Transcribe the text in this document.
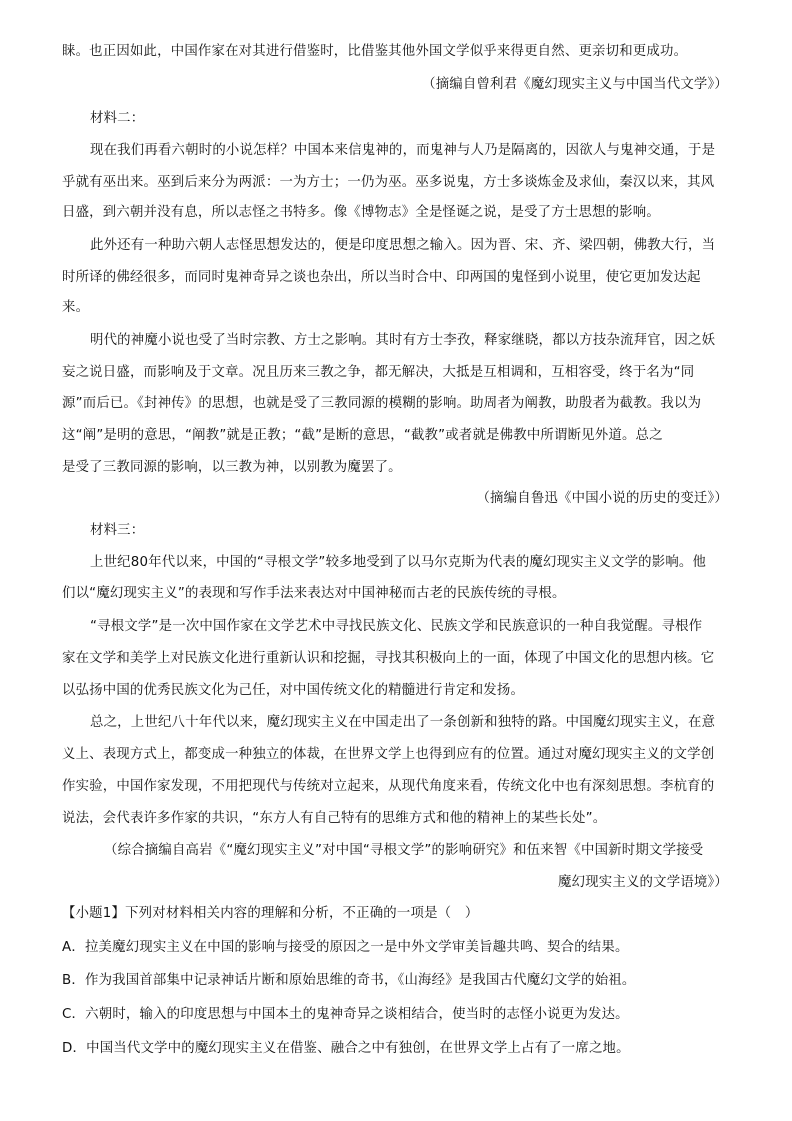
睐。也正因如此，中国作家在对其进行借鉴时，比借鉴其他外国文学似乎来得更自然、更亲切和更成功。
（摘编自曾利君《魔幻现实主义与中国当代文学》）
材料二：
现在我们再看六朝时的小说怎样？中国本来信鬼神的，而鬼神与人乃是隔离的，因欲人与鬼神交通，于是
乎就有巫出来。巫到后来分为两派：一为方士；一仍为巫。巫多说鬼，方士多谈炼金及求仙，秦汉以来，其风
日盛，到六朝并没有息，所以志怪之书特多。像《博物志》全是怪诞之说，是受了方士思想的影响。
此外还有一种助六朝人志怪思想发达的，便是印度思想之输入。因为晋、宋、齐、梁四朝，佛教大行，当
时所译的佛经很多，而同时鬼神奇异之谈也杂出，所以当时合中、印两国的鬼怪到小说里，使它更加发达起
来。
明代的神魔小说也受了当时宗教、方士之影响。其时有方士李孜，释家继晓，都以方技杂流拜官，因之妖
妄之说日盛，而影响及于文章。况且历来三教之争，都无解决，大抵是互相调和，互相容受，终于名为“同
源”而后已。《封神传》的思想，也就是受了三教同源的模糊的影响。助周者为阐教，助殷者为截教。我以为
这“阐”是明的意思，“阐教”就是正教；“截”是断的意思，“截教”或者就是佛教中所谓断见外道。总之
是受了三教同源的影响，以三教为神，以别教为魔罢了。
（摘编自鲁迅《中国小说的历史的变迁》）
材料三：
上世纪80年代以来，中国的“寻根文学”较多地受到了以马尔克斯为代表的魔幻现实主义文学的影响。他
们以“魔幻现实主义”的表现和写作手法来表达对中国神秘而古老的民族传统的寻根。
“寻根文学”是一次中国作家在文学艺术中寻找民族文化、民族文学和民族意识的一种自我觉醒。寻根作
家在文学和美学上对民族文化进行重新认识和挖掘，寻找其积极向上的一面，体现了中国文化的思想内核。它
以弘扬中国的优秀民族文化为己任，对中国传统文化的精髓进行肯定和发扬。
总之，上世纪八十年代以来，魔幻现实主义在中国走出了一条创新和独特的路。中国魔幻现实主义，在意
义上、表现方式上，都变成一种独立的体裁，在世界文学上也得到应有的位置。通过对魔幻现实主义的文学创
作实验，中国作家发现，不用把现代与传统对立起来，从现代角度来看，传统文化中也有深刻思想。李杭育的
说法，会代表许多作家的共识，“东方人有自己特有的思维方式和他的精神上的某些长处”。
（综合摘编自高岩《“魔幻现实主义”对中国“寻根文学”的影响研究》和伍来智《中国新时期文学接受
魔幻现实主义的文学语境》）
【小题1】下列对材料相关内容的理解和分析，不正确的一项是（　）
A．拉美魔幻现实主义在中国的影响与接受的原因之一是中外文学审美旨趣共鸣、契合的结果。
B．作为我国首部集中记录神话片断和原始思维的奇书，《山海经》是我国古代魔幻文学的始祖。
C．六朝时，输入的印度思想与中国本土的鬼神奇异之谈相结合，使当时的志怪小说更为发达。
D．中国当代文学中的魔幻现实主义在借鉴、融合之中有独创，在世界文学上占有了一席之地。
